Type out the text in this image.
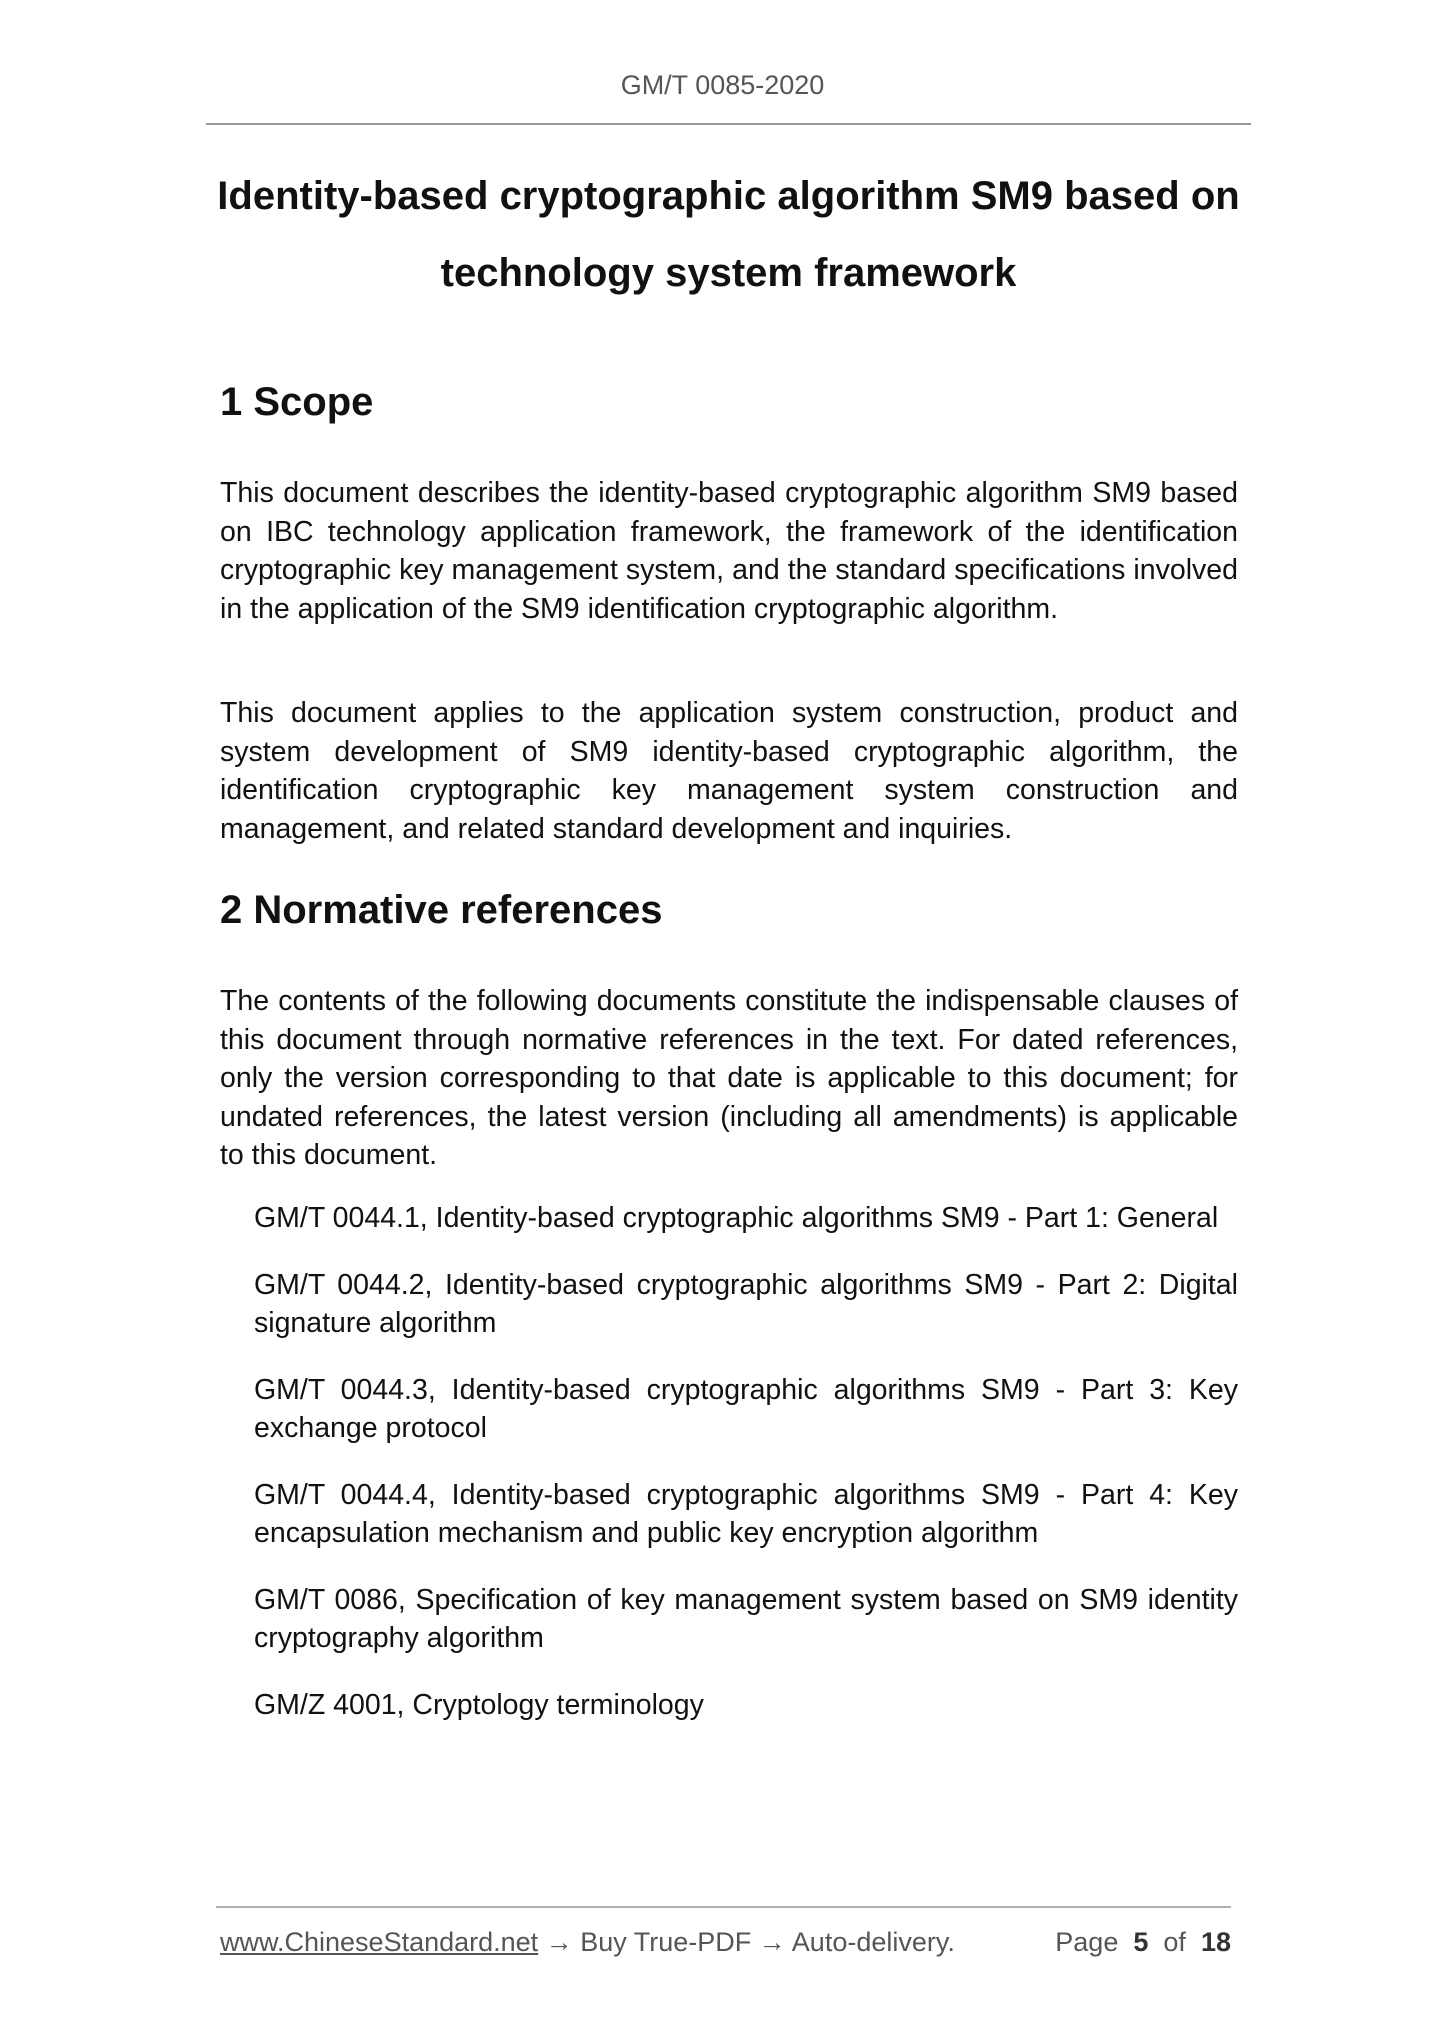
GM/T 0085-2020
Identity-based cryptographic algorithm SM9 based on
technology system framework
1 Scope

This document describes the identity-based cryptographic algorithm SM9 based on IBC technology application framework, the framework of the identification cryptographic key management system, and the standard specifications involved in the application of the SM9 identification cryptographic algorithm.

This document applies to the application system construction, product and system development of SM9 identity-based cryptographic algorithm, the identification cryptographic key management system construction and management, and related standard development and inquiries.

2 Normative references

The contents of the following documents constitute the indispensable clauses of this document through normative references in the text. For dated references, only the version corresponding to that date is applicable to this document; for undated references, the latest version (including all amendments) is applicable to this document.

GM/T 0044.1, Identity-based cryptographic algorithms SM9 - Part 1: General
GM/T 0044.2, Identity-based cryptographic algorithms SM9 - Part 2: Digital signature algorithm
GM/T 0044.3, Identity-based cryptographic algorithms SM9 - Part 3: Key exchange protocol
GM/T 0044.4, Identity-based cryptographic algorithms SM9 - Part 4: Key encapsulation mechanism and public key encryption algorithm
GM/T 0086, Specification of key management system based on SM9 identity cryptography algorithm
GM/Z 4001, Cryptology terminology
www.ChineseStandard.net → Buy True-PDF → Auto-delivery.	Page 5 of 18
